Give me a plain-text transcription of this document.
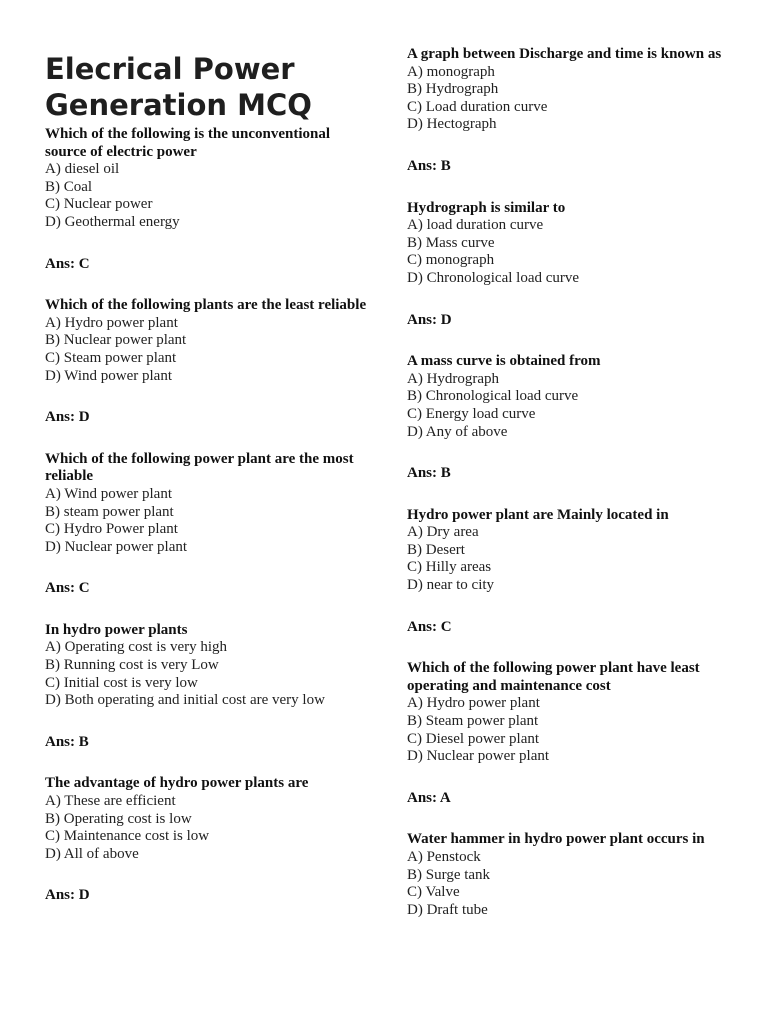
Elecrical Power Generation MCQ
Which of the following is the unconventional source of electric power
A) diesel oil
B) Coal
C) Nuclear power
D) Geothermal energy
Ans: C
Which of the following plants are the least reliable
A) Hydro power plant
B) Nuclear power plant
C) Steam power plant
D) Wind power plant
Ans: D
Which of the following power plant are the most reliable
A) Wind power plant
B) steam power plant
C) Hydro Power plant
D) Nuclear power plant
Ans: C
In hydro power plants
A) Operating cost is very high
B) Running cost is very Low
C) Initial cost is very low
D) Both operating and initial cost are very low
Ans: B
The advantage of hydro power plants are
A) These are efficient
B) Operating cost is low
C) Maintenance cost is low
D) All of above
Ans: D
A graph between Discharge and time is known as
A) monograph
B) Hydrograph
C) Load duration curve
D) Hectograph
Ans: B
Hydrograph is similar to
A) load duration curve
B) Mass curve
C) monograph
D) Chronological load curve
Ans: D
A mass curve is obtained from
A) Hydrograph
B) Chronological load curve
C) Energy load curve
D) Any of above
Ans: B
Hydro power plant are Mainly located in
A) Dry area
B) Desert
C) Hilly areas
D) near to city
Ans: C
Which of the following power plant have least operating and maintenance cost
A) Hydro power plant
B) Steam power plant
C) Diesel power plant
D) Nuclear power plant
Ans: A
Water hammer in hydro power plant occurs in
A) Penstock
B) Surge tank
C) Valve
D) Draft tube
